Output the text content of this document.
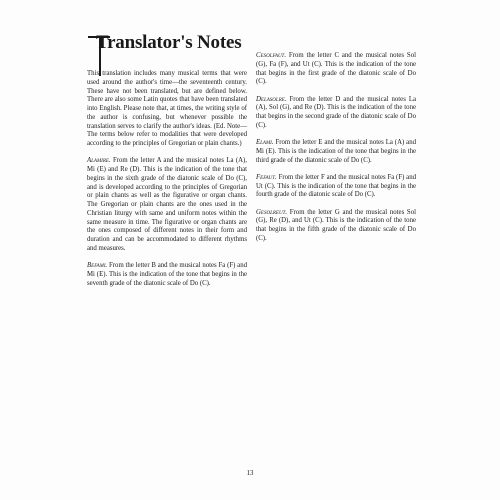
Translator's Notes

This translation includes many musical terms that were used around the author's time—the seventeenth century. These have not been translated, but are defined below. There are also some Latin quotes that have been translated into English. Please note that, at times, the writing style of the author is confusing, but whenever possible the translation serves to clarify the author's ideas. (Ed. Note—The terms below refer to modalities that were developed according to the principles of Gregorian or plain chants.)

Alamire. From the letter A and the musical notes La (A), Mi (E) and Re (D). This is the indication of the tone that begins in the sixth grade of the diatonic scale of Do (C), and is developed according to the principles of Gregorian or plain chants as well as the figurative or organ chants. The Gregorian or plain chants are the ones used in the Christian liturgy with same and uniform notes within the same measure in time. The figurative or organ chants are the ones composed of different notes in their form and duration and can be accommodated to different rhythms and measures.

Befami. From the letter B and the musical notes Fa (F) and Mi (E). This is the indication of the tone that begins in the seventh grade of the diatonic scale of Do (C).

Cesolfaut. From the letter C and the musical notes Sol (G), Fa (F), and Ut (C). This is the indication of the tone that begins in the first grade of the diatonic scale of Do (C).

Delasolre. From the letter D and the musical notes La (A), Sol (G), and Re (D). This is the indication of the tone that begins in the second grade of the diatonic scale of Do (C).

Elami. From the letter E and the musical notes La (A) and Mi (E). This is the indication of the tone that begins in the third grade of the diatonic scale of Do (C).

Fefaut. From the letter F and the musical notes Fa (F) and Ut (C). This is the indication of the tone that begins in the fourth grade of the diatonic scale of Do (C).

Gesolreut. From the letter G and the musical notes Sol (G), Re (D), and Ut (C). This is the indication of the tone that begins in the fifth grade of the diatonic scale of Do (C).

13
